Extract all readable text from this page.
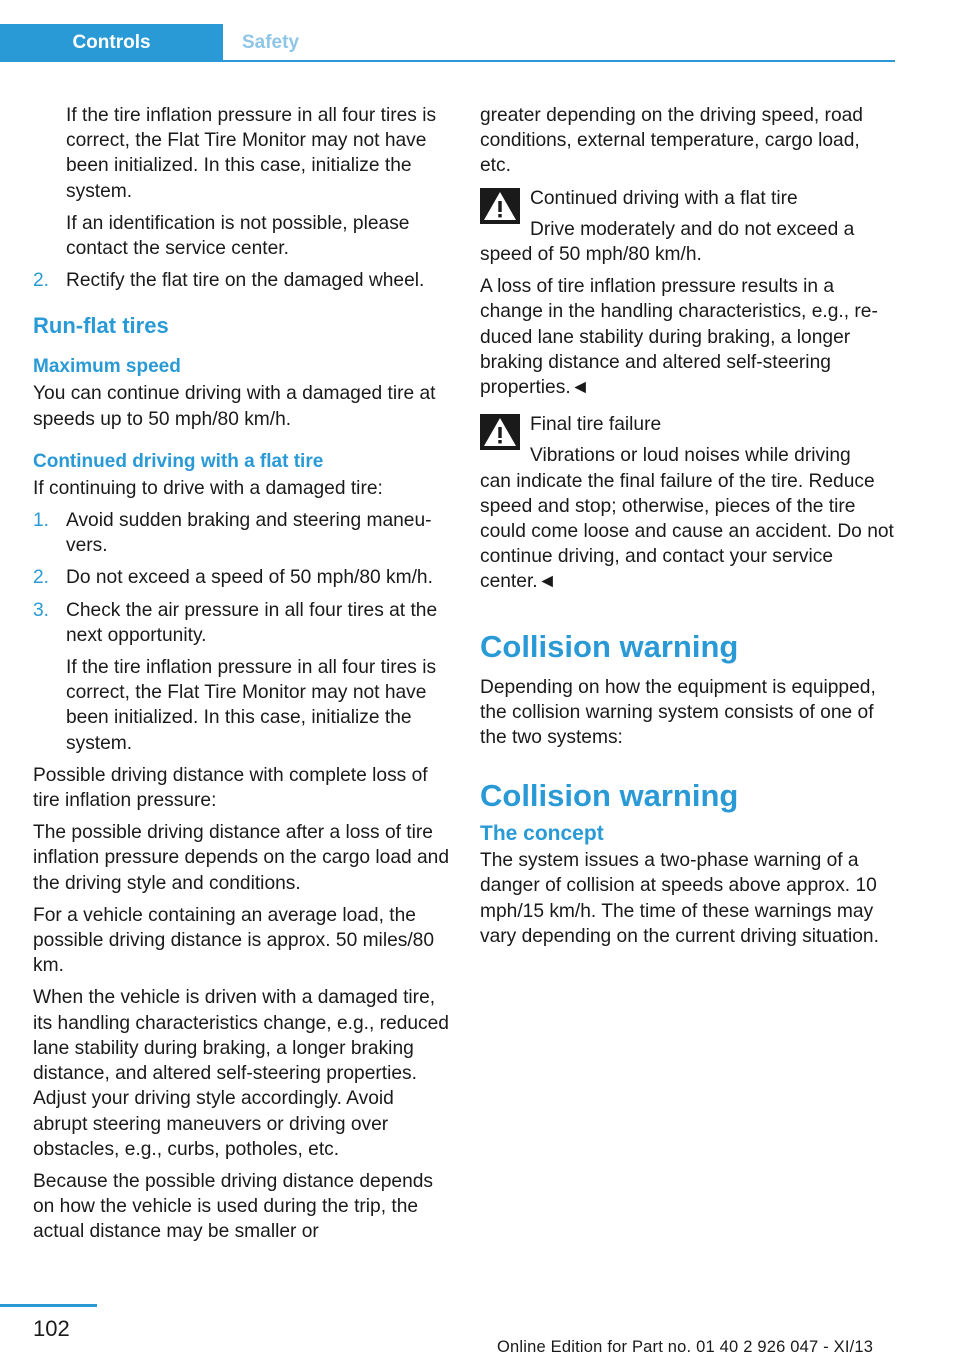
Controls	Safety

If the tire inflation pressure in all four tires is correct, the Flat Tire Monitor may not have been initialized. In this case, initialize the system.

If an identification is not possible, please contact the service center.

2. Rectify the flat tire on the damaged wheel.
Run-flat tires
Maximum speed

You can continue driving with a damaged tire at speeds up to 50 mph/80 km/h.

Continued driving with a flat tire

If continuing to drive with a damaged tire:

1. Avoid sudden braking and steering maneuvers.
2. Do not exceed a speed of 50 mph/80 km/h.
3. Check the air pressure in all four tires at the next opportunity.

If the tire inflation pressure in all four tires is correct, the Flat Tire Monitor may not have been initialized. In this case, initialize the system.

Possible driving distance with complete loss of tire inflation pressure:

The possible driving distance after a loss of tire inflation pressure depends on the cargo load and the driving style and conditions.

For a vehicle containing an average load, the possible driving distance is approx. 50 miles/80 km.

When the vehicle is driven with a damaged tire, its handling characteristics change, e.g., reduced lane stability during braking, a longer braking distance, and altered self-steering properties. Adjust your driving style accordingly. Avoid abrupt steering maneuvers or driving over obstacles, e.g., curbs, potholes, etc.

Because the possible driving distance depends on how the vehicle is used during the trip, the actual distance may be smaller or

greater depending on the driving speed, road conditions, external temperature, cargo load, etc.

Continued driving with a flat tire
Drive moderately and do not exceed a
speed of 50 mph/80 km/h.

A loss of tire inflation pressure results in a change in the handling characteristics, e.g., reduced lane stability during braking, a longer braking distance and altered self-steering properties.◄

Final tire failure
Vibrations or loud noises while driving
can indicate the final failure of the tire. Reduce speed and stop; otherwise, pieces of the tire could come loose and cause an accident. Do not continue driving, and contact your service center.◄
Collision warning

Depending on how the equipment is equipped, the collision warning system consists of one of the two systems:

Collision warning
The concept

The system issues a two-phase warning of a danger of collision at speeds above approx. 10 mph/15 km/h. The time of these warnings may vary depending on the current driving situation.

102
Online Edition for Part no. 01 40 2 926 047 - XI/13
